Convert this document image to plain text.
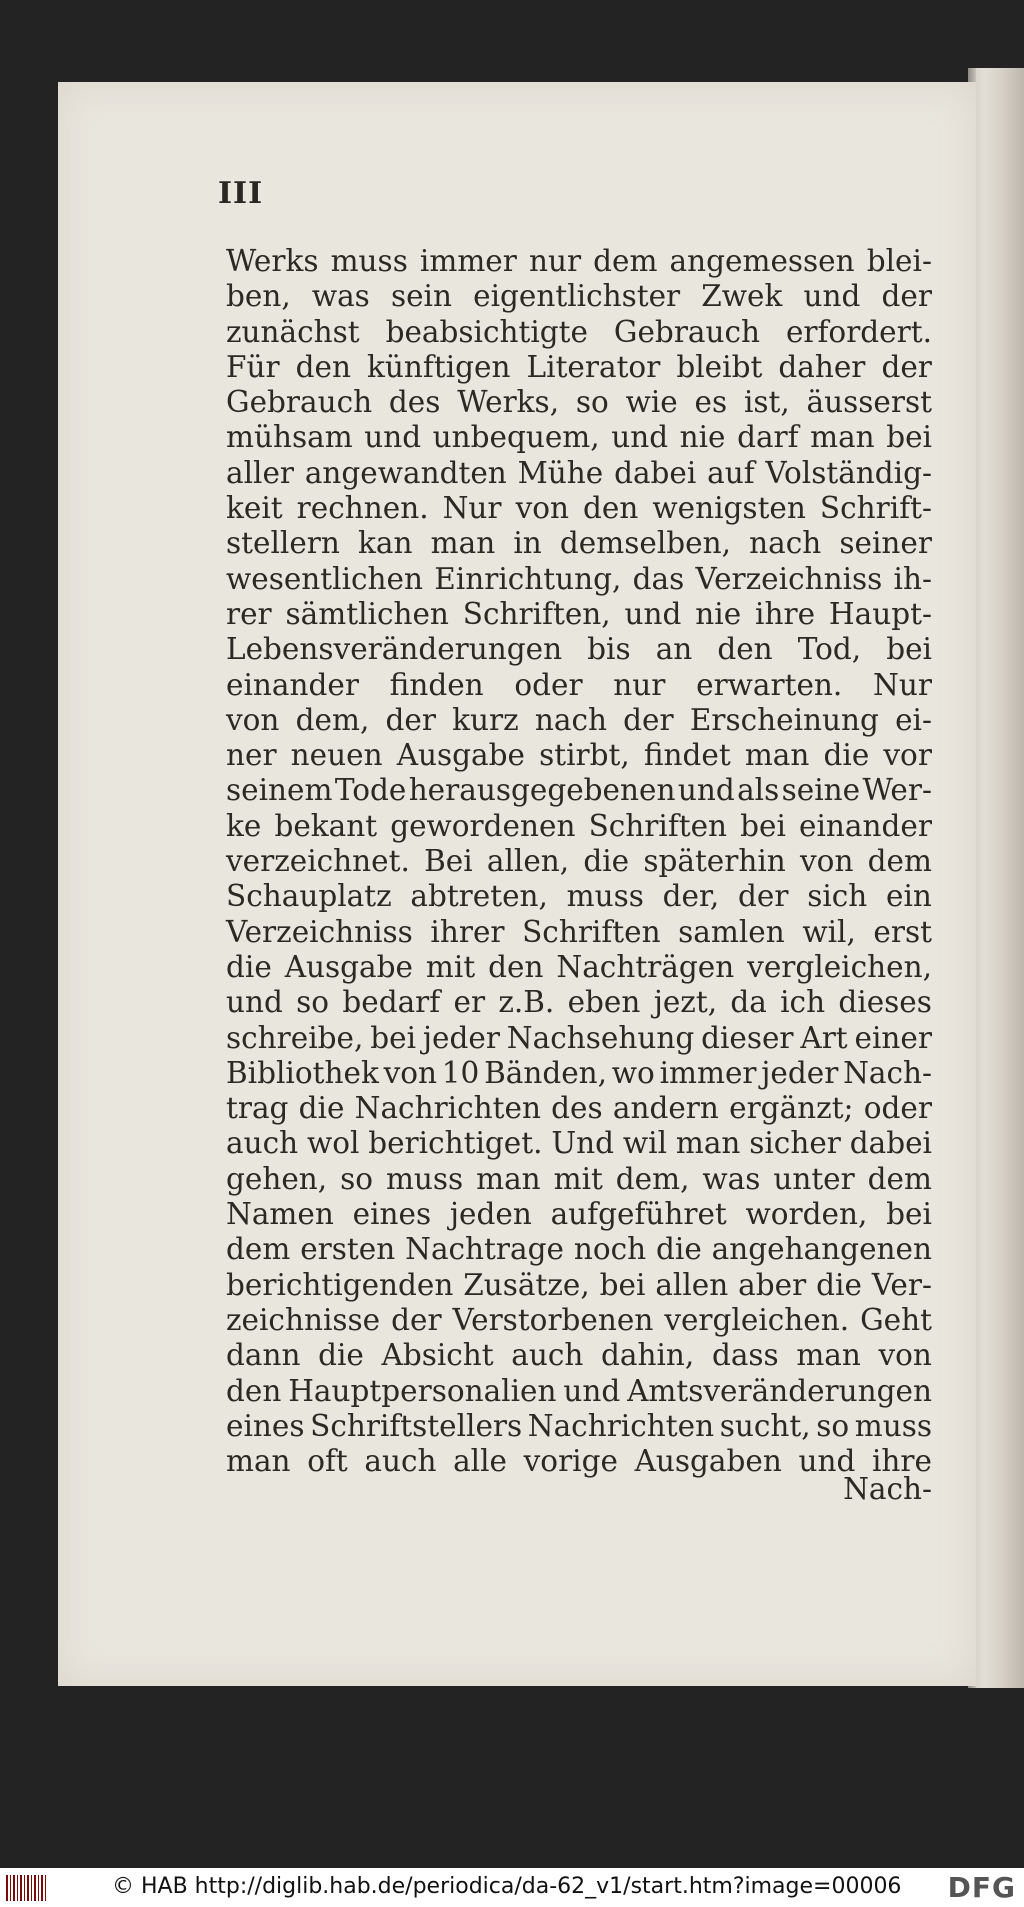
III
Werks muss immer nur dem angemessen blei-
ben, was sein eigentlichster Zwek und der
zunächst beabsichtigte Gebrauch erfordert.
Für den künftigen Literator bleibt daher der
Gebrauch des Werks, so wie es ist, äusserst
mühsam und unbequem, und nie darf man bei
aller angewandten Mühe dabei auf Volständig-
keit rechnen. Nur von den wenigsten Schrift-
stellern kan man in demselben, nach seiner
wesentlichen Einrichtung, das Verzeichniss ih-
rer sämtlichen Schriften, und nie ihre Haupt-
Lebensveränderungen bis an den Tod, bei
einander finden oder nur erwarten. Nur
von dem, der kurz nach der Erscheinung ei-
ner neuen Ausgabe stirbt, findet man die vor
seinem Tode herausgegebenen und als seine Wer-
ke bekant gewordenen Schriften bei einander
verzeichnet. Bei allen, die späterhin von dem
Schauplatz abtreten, muss der, der sich ein
Verzeichniss ihrer Schriften samlen wil, erst
die Ausgabe mit den Nachträgen vergleichen,
und so bedarf er z.B. eben jezt, da ich dieses
schreibe, bei jeder Nachsehung dieser Art einer
Bibliothek von 10 Bänden, wo immer jeder Nach-
trag die Nachrichten des andern ergänzt; oder
auch wol berichtiget. Und wil man sicher dabei
gehen, so muss man mit dem, was unter dem
Namen eines jeden aufgeführet worden, bei
dem ersten Nachtrage noch die angehangenen
berichtigenden Zusätze, bei allen aber die Ver-
zeichnisse der Verstorbenen vergleichen. Geht
dann die Absicht auch dahin, dass man von
den Hauptpersonalien und Amtsveränderungen
eines Schriftstellers Nachrichten sucht, so muss
man oft auch alle vorige Ausgaben und ihre
Nach-
© HAB http://diglib.hab.de/periodica/da-62_v1/start.htm?image=00006 DFG
